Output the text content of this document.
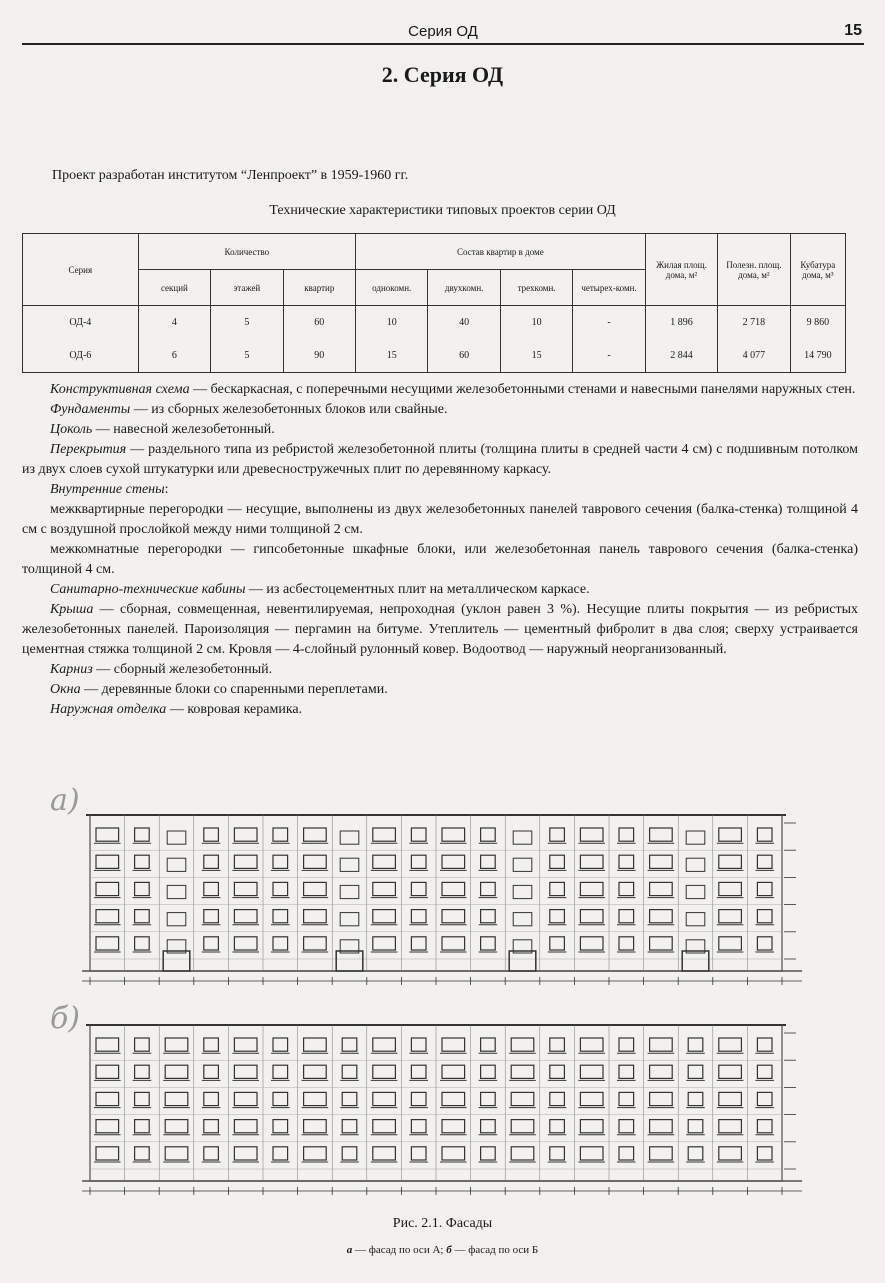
Серия ОД	15
2. Серия ОД
Проект разработан институтом “Ленпроект” в 1959-1960 гг.
Технические характеристики типовых проектов серии ОД
Серия	Количество			Состав квартир в доме				Жилая площ. дома, м²	Полезн. площ. дома, м²	Кубатура дома, м³
	секций	этажей	квартир	однокомн.	двухкомн.	трехкомн.	четырех-комн.			
ОД-4	4	5	60	10	40	10	-	1 896	2 718	9 860
ОД-6	6	5	90	15	60	15	-	2 844	4 077	14 790

Конструктивная схема — бескаркасная, с поперечными несущими железобетонными стенами и навесными панелями наружных стен.

Фундаменты — из сборных железобетонных блоков или свайные.

Цоколь — навесной железобетонный.

Перекрытия — раздельного типа из ребристой железобетонной плиты (толщина плиты в средней части 4 см) с подшивным потолком из двух слоев сухой штукатурки или древесностружечных плит по деревянному каркасу.

Внутренние стены:

межквартирные перегородки — несущие, выполнены из двух железобетонных панелей таврового сечения (балка-стенка) толщиной 4 см с воздушной прослойкой между ними толщиной 2 см.

межкомнатные перегородки — гипсобетонные шкафные блоки, или железобетонная панель таврового сечения (балка-стенка) толщиной 4 см.

Санитарно-технические кабины — из асбестоцементных плит на металлическом каркасе.

Крыша — сборная, совмещенная, невентилируемая, непроходная (уклон равен 3 %). Несущие плиты покрытия — из ребристых железобетонных панелей. Пароизоляция — пергамин на битуме. Утеплитель — цементный фибролит в два слоя; сверху устраивается цементная стяжка толщиной 2 см. Кровля — 4-слойный рулонный ковер. Водоотвод — наружный неорганизованный.

Карниз — сборный железобетонный.

Окна — деревянные блоки со спаренными переплетами.

Наружная отделка — ковровая керамика.

а)
б)
Рис. 2.1. Фасады
а — фасад по оси А; б — фасад по оси Б
